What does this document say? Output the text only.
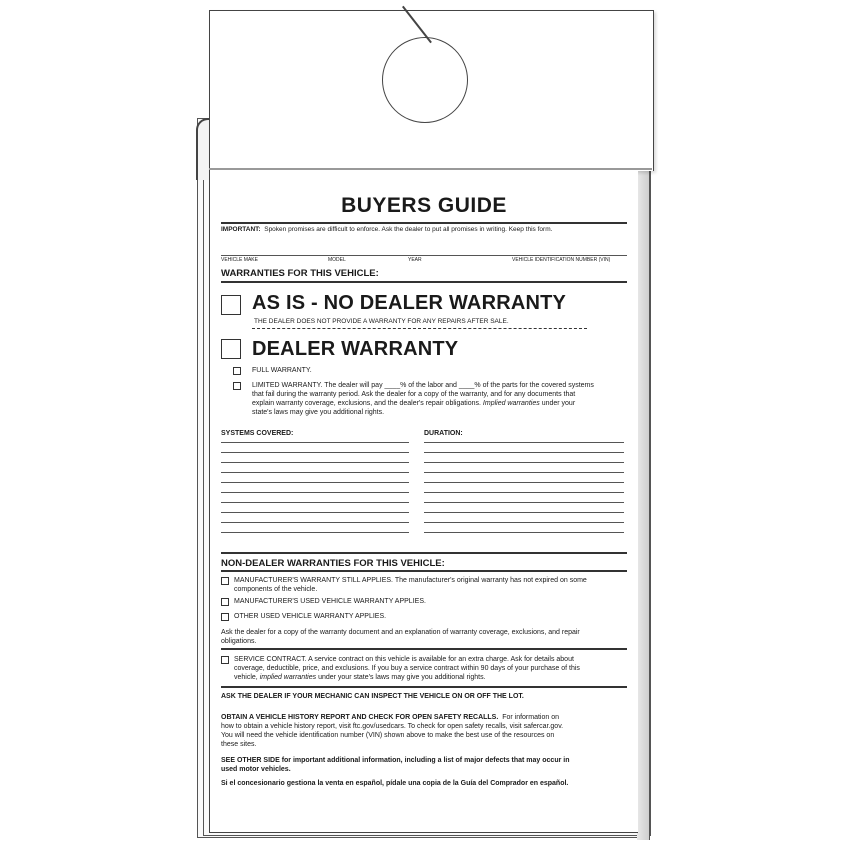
BUYERS GUIDE
IMPORTANT: Spoken promises are difficult to enforce. Ask the dealer to put all promises in writing. Keep this form.
VEHICLE MAKE	MODEL	YEAR	VEHICLE IDENTIFICATION NUMBER (VIN)
WARRANTIES FOR THIS VEHICLE:
AS IS - NO DEALER WARRANTY
THE DEALER DOES NOT PROVIDE A WARRANTY FOR ANY REPAIRS AFTER SALE.
DEALER WARRANTY
FULL WARRANTY.
LIMITED WARRANTY. The dealer will pay ____% of the labor and ____% of the parts for the covered systems
that fail during the warranty period. Ask the dealer for a copy of the warranty, and for any documents that
explain warranty coverage, exclusions, and the dealer's repair obligations. Implied warranties under your
state's laws may give you additional rights.
SYSTEMS COVERED:	DURATION:
NON-DEALER WARRANTIES FOR THIS VEHICLE:
MANUFACTURER'S WARRANTY STILL APPLIES. The manufacturer's original warranty has not expired on some
components of the vehicle.
MANUFACTURER'S USED VEHICLE WARRANTY APPLIES.
OTHER USED VEHICLE WARRANTY APPLIES.
Ask the dealer for a copy of the warranty document and an explanation of warranty coverage, exclusions, and repair
obligations.
SERVICE CONTRACT. A service contract on this vehicle is available for an extra charge. Ask for details about
coverage, deductible, price, and exclusions. If you buy a service contract within 90 days of your purchase of this
vehicle, implied warranties under your state's laws may give you additional rights.
ASK THE DEALER IF YOUR MECHANIC CAN INSPECT THE VEHICLE ON OR OFF THE LOT.
OBTAIN A VEHICLE HISTORY REPORT AND CHECK FOR OPEN SAFETY RECALLS. For information on
how to obtain a vehicle history report, visit ftc.gov/usedcars. To check for open safety recalls, visit safercar.gov.
You will need the vehicle identification number (VIN) shown above to make the best use of the resources on
these sites.
SEE OTHER SIDE for important additional information, including a list of major defects that may occur in
used motor vehicles.
Si el concesionario gestiona la venta en español, pídale una copia de la Guía del Comprador en español.
